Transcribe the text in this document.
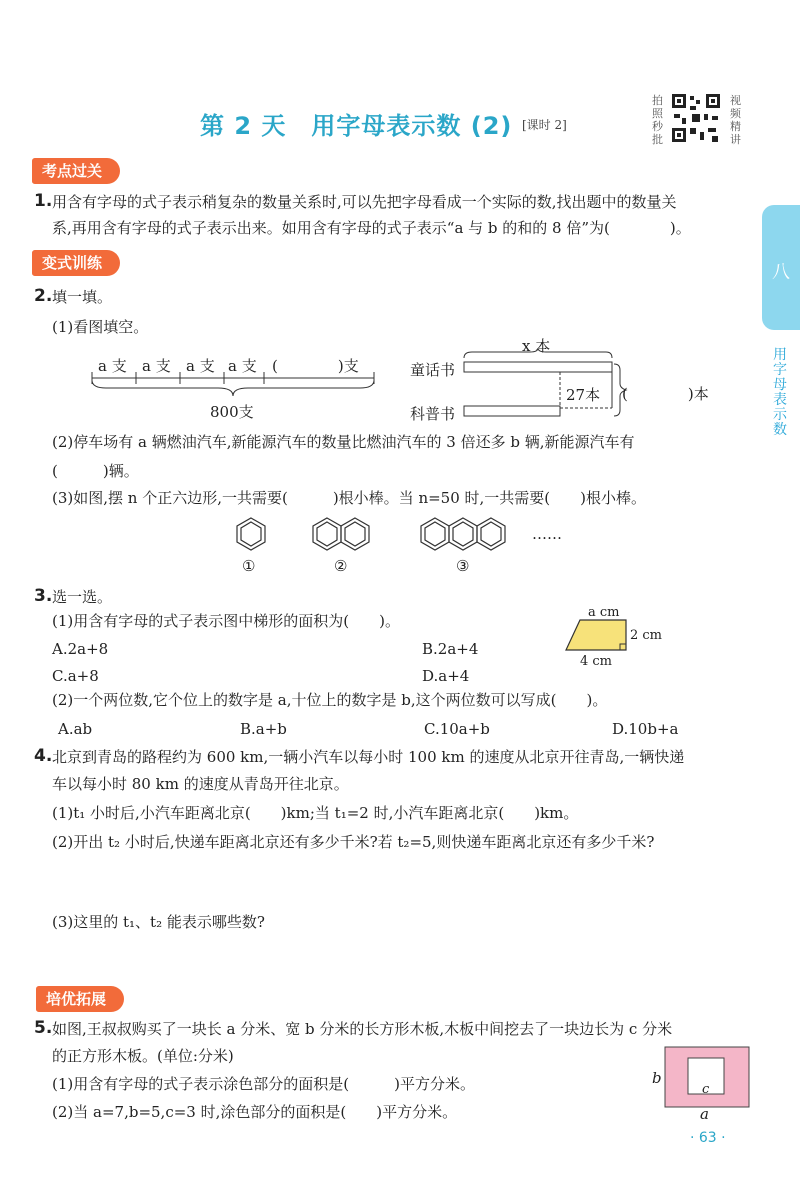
第 2 天　用字母表示数 (2) [课时 2]
拍照秒批
视频精讲
八
用字母表示数
考点过关
1. 用含有字母的式子表示稍复杂的数量关系时,可以先把字母看成一个实际的数,找出题中的数量关
系,再用含有字母的式子表示出来。如用含有字母的式子表示“a 与 b 的和的 8 倍”为(　　　　)。
变式训练
2. 填一填。
(1)看图填空。
a 支 a 支 a 支 a 支 (　　　　)支
800支
x 本
童话书
科普书
27本 (　　　　)本
(2)停车场有 a 辆燃油汽车,新能源汽车的数量比燃油汽车的 3 倍还多 b 辆,新能源汽车有
(　　　)辆。
(3)如图,摆 n 个正六边形,一共需要(　　　)根小棒。当 n=50 时,一共需要(　　)根小棒。
……
①	②	③
3. 选一选。
(1)用含有字母的式子表示图中梯形的面积为(　　)。
A.2a+8	B.2a+4
C.a+8	D.a+4
a cm
2 cm
4 cm
(2)一个两位数,它个位上的数字是 a,十位上的数字是 b,这个两位数可以写成(　　)。
A.ab	B.a+b	C.10a+b	D.10b+a
4. 北京到青岛的路程约为 600 km,一辆小汽车以每小时 100 km 的速度从北京开往青岛,一辆快递
车以每小时 80 km 的速度从青岛开往北京。
(1)t₁ 小时后,小汽车距离北京(　　)km;当 t₁=2 时,小汽车距离北京(　　)km。
(2)开出 t₂ 小时后,快递车距离北京还有多少千米?若 t₂=5,则快递车距离北京还有多少千米?
(3)这里的 t₁、t₂ 能表示哪些数?
培优拓展
5. 如图,王叔叔购买了一块长 a 分米、宽 b 分米的长方形木板,木板中间挖去了一块边长为 c 分米
的正方形木板。(单位:分米)
(1)用含有字母的式子表示涂色部分的面积是(　　　)平方分米。
(2)当 a=7,b=5,c=3 时,涂色部分的面积是(　　)平方分米。
b
c
a
· 63 ·
